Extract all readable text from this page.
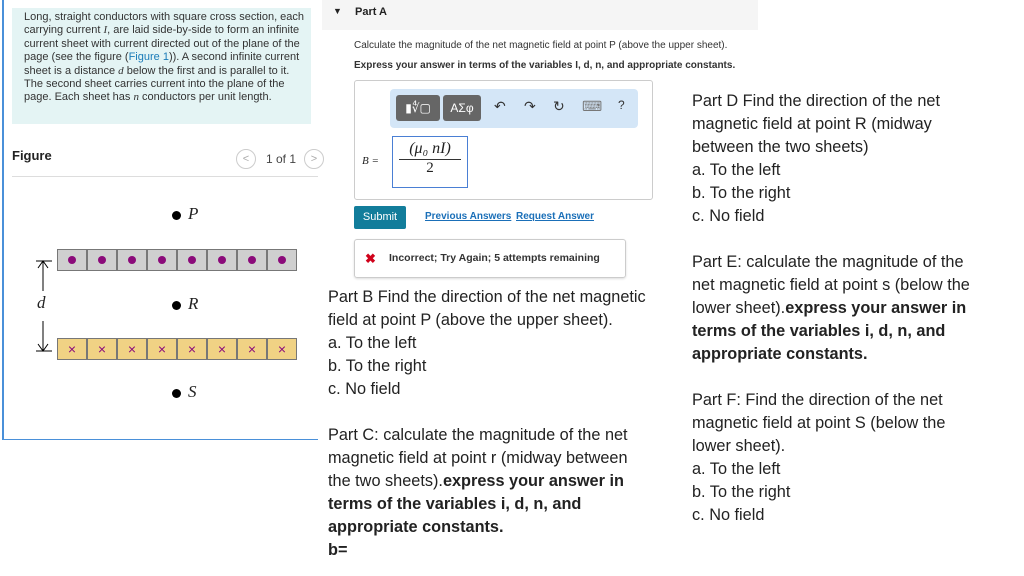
Long, straight conductors with square cross section, each carrying current I, are laid side-by-side to form an infinite current sheet with current directed out of the plane of the page (see the figure (Figure 1)). A second infinite current sheet is a distance d below the first and is parallel to it. The second sheet carries current into the plane of the page. Each sheet has n conductors per unit length.
Figure	<	1 of 1	>
P
R
×	×	×	×	×	×	×	×
S
d
▼ Part A
Calculate the magnitude of the net magnetic field at point P (above the upper sheet).
Express your answer in terms of the variables I, d, n, and appropriate constants.
▮∜▢	ΑΣφ	↶ ↷ ↻ ⌨ ?
B =
(μ₀ nI)
2
Submit	Previous Answers Request Answer
✖ Incorrect; Try Again; 5 attempts remaining
Part B Find the direction of the net magnetic
field at point P (above the upper sheet).
a. To the left
b. To the right
c. No field
Part C: calculate the magnitude of the net
magnetic field at point r (midway between
the two sheets).express your answer in
terms of the variables i, d, n, and
appropriate constants.
b=
Part D Find the direction of the net
magnetic field at point R (midway
between the two sheets)
a. To the left
b. To the right
c. No field
Part E: calculate the magnitude of the
net magnetic field at point s (below the
lower sheet).express your answer in
terms of the variables i, d, n, and
appropriate constants.
Part F: Find the direction of the net
magnetic field at point S (below the
lower sheet).
a. To the left
b. To the right
c. No field
